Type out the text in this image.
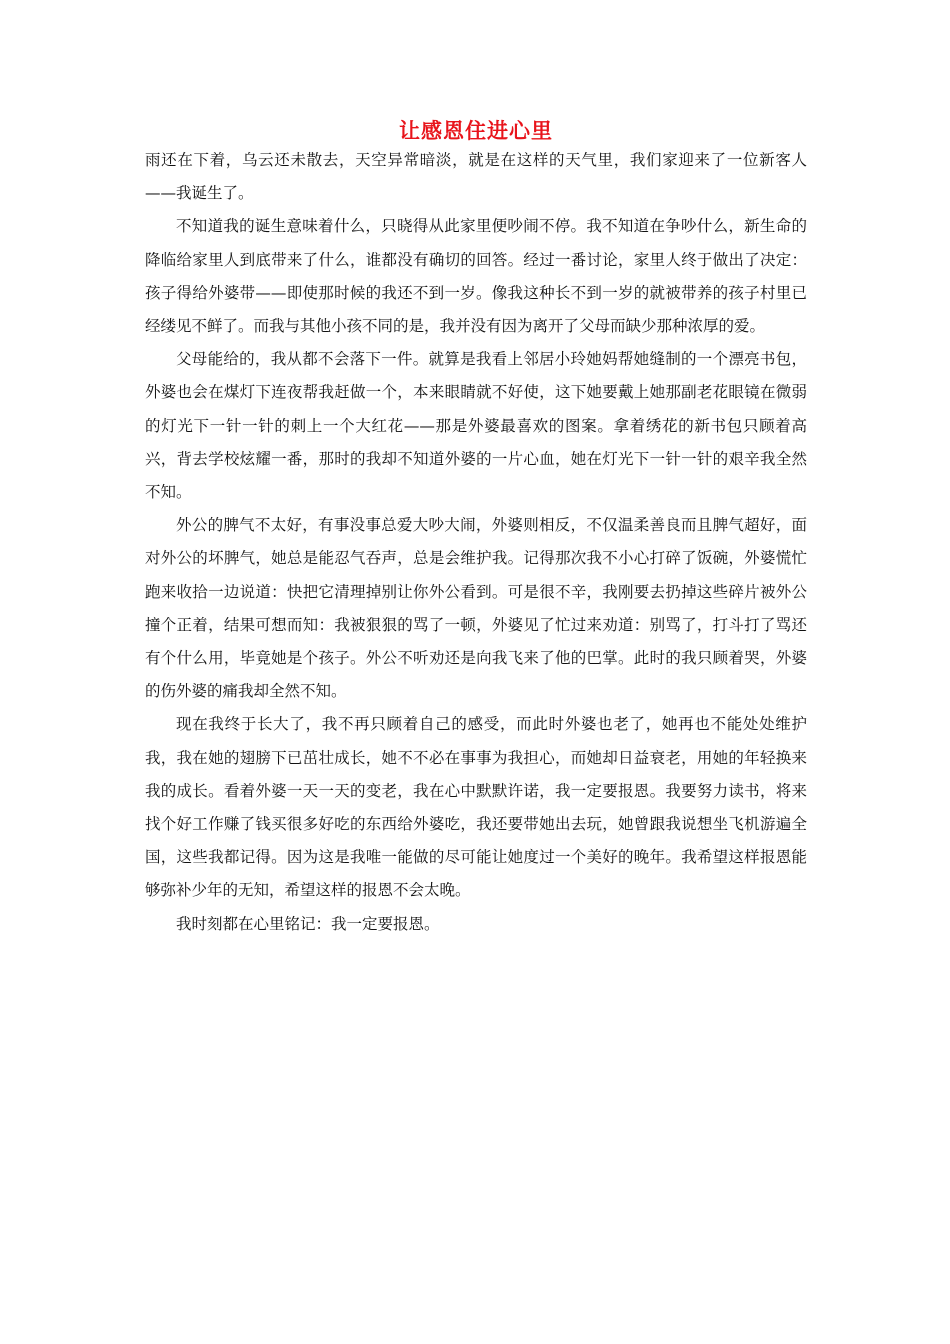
让感恩住进心里

雨还在下着，乌云还未散去，天空异常暗淡，就是在这样的天气里，我们家迎来了一位新客人——我诞生了。

不知道我的诞生意味着什么，只晓得从此家里便吵闹不停。我不知道在争吵什么，新生命的降临给家里人到底带来了什么，谁都没有确切的回答。经过一番讨论，家里人终于做出了决定：孩子得给外婆带——即使那时候的我还不到一岁。像我这种长不到一岁的就被带养的孩子村里已经缕见不鲜了。而我与其他小孩不同的是，我并没有因为离开了父母而缺少那种浓厚的爱。

父母能给的，我从都不会落下一件。就算是我看上邻居小玲她妈帮她缝制的一个漂亮书包，外婆也会在煤灯下连夜帮我赶做一个，本来眼睛就不好使，这下她要戴上她那副老花眼镜在微弱的灯光下一针一针的刺上一个大红花——那是外婆最喜欢的图案。拿着绣花的新书包只顾着高兴，背去学校炫耀一番，那时的我却不知道外婆的一片心血，她在灯光下一针一针的艰辛我全然不知。

外公的脾气不太好，有事没事总爱大吵大闹，外婆则相反，不仅温柔善良而且脾气超好，面对外公的坏脾气，她总是能忍气吞声，总是会维护我。记得那次我不小心打碎了饭碗，外婆慌忙跑来收拾一边说道：快把它清理掉别让你外公看到。可是很不辛，我刚要去扔掉这些碎片被外公撞个正着，结果可想而知：我被狠狠的骂了一顿，外婆见了忙过来劝道：别骂了，打斗打了骂还有个什么用，毕竟她是个孩子。外公不听劝还是向我飞来了他的巴掌。此时的我只顾着哭，外婆的伤外婆的痛我却全然不知。

现在我终于长大了，我不再只顾着自己的感受，而此时外婆也老了，她再也不能处处维护我，我在她的翅膀下已茁壮成长，她不不必在事事为我担心，而她却日益衰老，用她的年轻换来我的成长。看着外婆一天一天的变老，我在心中默默许诺，我一定要报恩。我要努力读书，将来找个好工作赚了钱买很多好吃的东西给外婆吃，我还要带她出去玩，她曾跟我说想坐飞机游遍全国，这些我都记得。因为这是我唯一能做的尽可能让她度过一个美好的晚年。我希望这样报恩能够弥补少年的无知，希望这样的报恩不会太晚。

我时刻都在心里铭记：我一定要报恩。
